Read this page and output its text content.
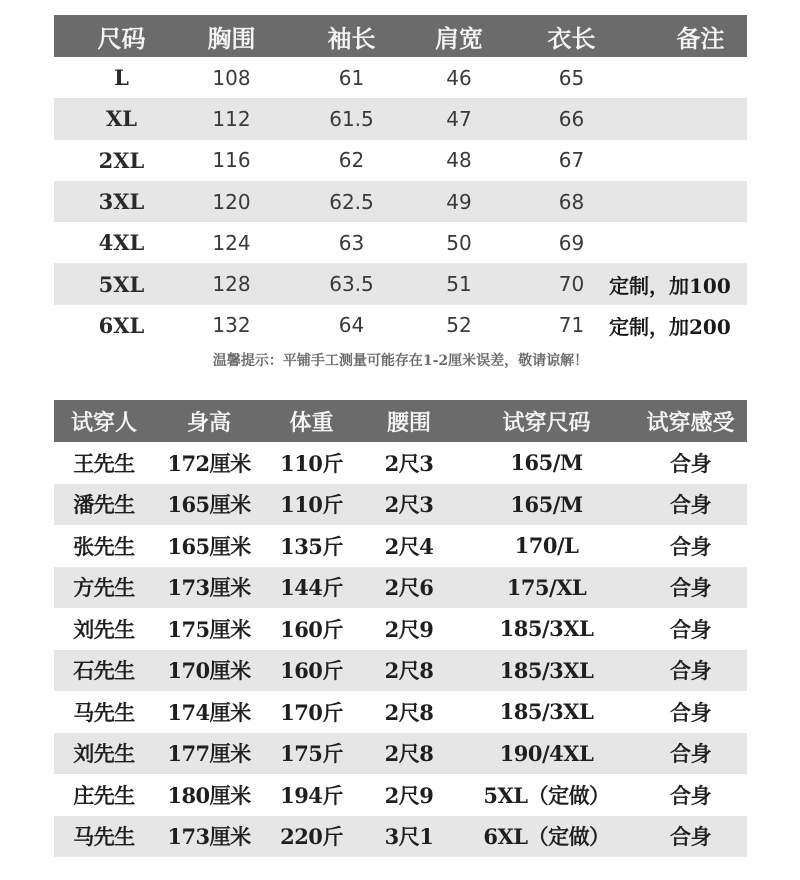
尺码	胸围	袖长	肩宽	衣长	备注
L	108	61	46	65
XL	112	61.5	47	66
2XL	116	62	48	67
3XL	120	62.5	49	68
4XL	124	63	50	69
5XL	128	63.5	51	70	定制，加100
6XL	132	64	52	71	定制，加200
温馨提示：平铺手工测量可能存在1-2厘米误差，敬请谅解！
试穿人	身高	体重	腰围	试穿尺码	试穿感受
王先生	172厘米	110斤	2尺3	165/M	合身
潘先生	165厘米	110斤	2尺3	165/M	合身
张先生	165厘米	135斤	2尺4	170/L	合身
方先生	173厘米	144斤	2尺6	175/XL	合身
刘先生	175厘米	160斤	2尺9	185/3XL	合身
石先生	170厘米	160斤	2尺8	185/3XL	合身
马先生	174厘米	170斤	2尺8	185/3XL	合身
刘先生	177厘米	175斤	2尺8	190/4XL	合身
庄先生	180厘米	194斤	2尺9	5XL（定做）	合身
马先生	173厘米	220斤	3尺1	6XL（定做）	合身
